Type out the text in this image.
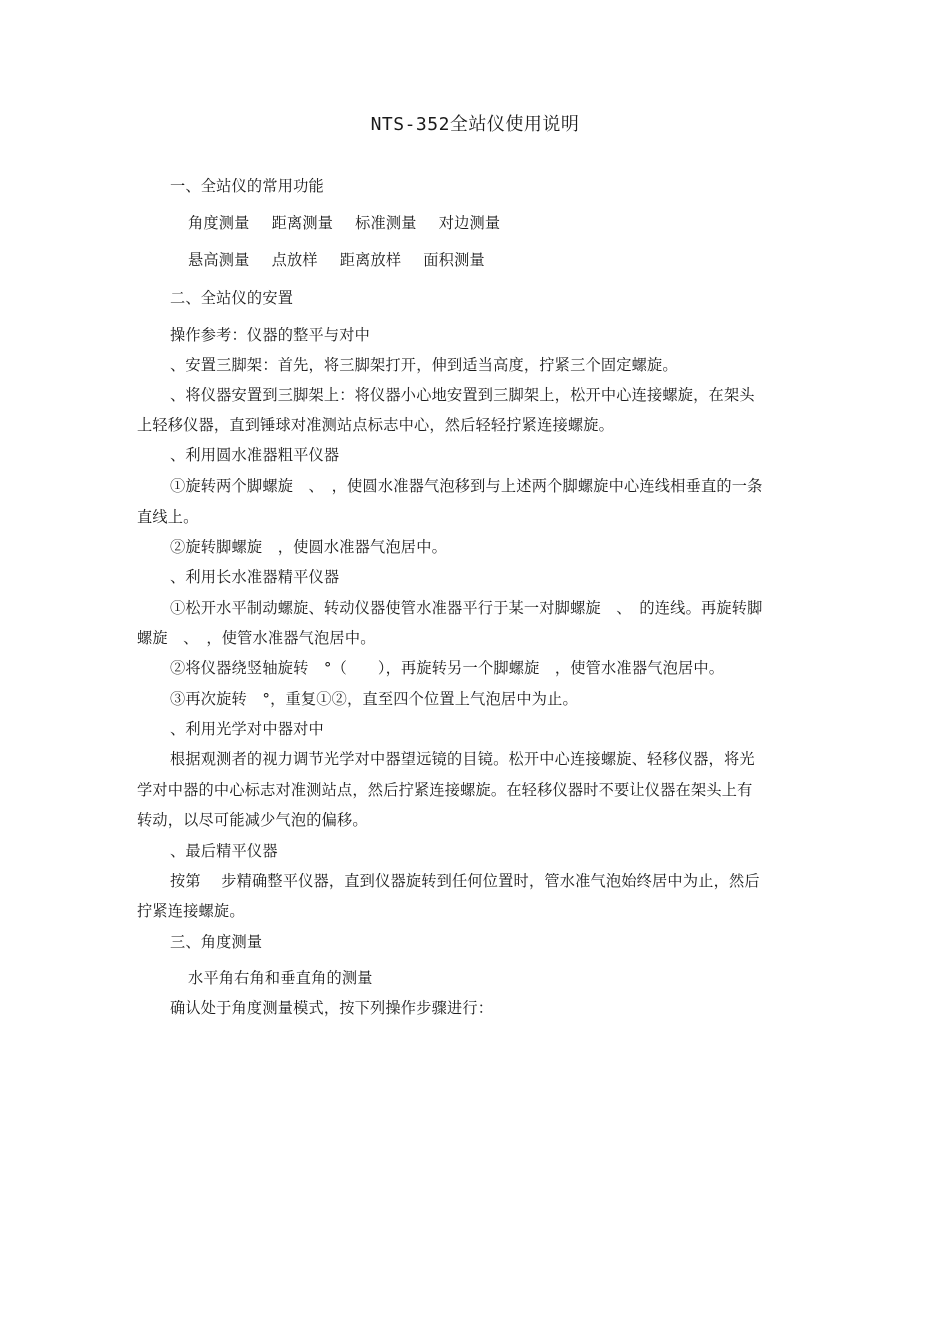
NTS-352全站仪使用说明
一、全站仪的常用功能
角度测量 距离测量 标准测量 对边测量
悬高测量 点放样 距离放样 面积测量
二、全站仪的安置
操作参考：仪器的整平与对中
、安置三脚架：首先，将三脚架打开，伸到适当高度，拧紧三个固定螺旋。
、将仪器安置到三脚架上：将仪器小心地安置到三脚架上，松开中心连接螺旋，在架头
上轻移仪器，直到锤球对准测站点标志中心，然后轻轻拧紧连接螺旋。
、利用圆水准器粗平仪器
①旋转两个脚螺旋　、　，使圆水准器气泡移到与上述两个脚螺旋中心连线相垂直的一条
直线上。
②旋转脚螺旋　，使圆水准器气泡居中。
、利用长水准器精平仪器
①松开水平制动螺旋、转动仪器使管水准器平行于某一对脚螺旋　、　的连线。再旋转脚
螺旋　、　，使管水准器气泡居中。
②将仪器绕竖轴旋转　°（　　），再旋转另一个脚螺旋　，使管水准器气泡居中。
③再次旋转　°，重复①②，直至四个位置上气泡居中为止。
、利用光学对中器对中
根据观测者的视力调节光学对中器望远镜的目镜。松开中心连接螺旋、轻移仪器，将光
学对中器的中心标志对准测站点，然后拧紧连接螺旋。在轻移仪器时不要让仪器在架头上有
转动，以尽可能减少气泡的偏移。
、最后精平仪器
按第　 步精确整平仪器，直到仪器旋转到任何位置时，管水准气泡始终居中为止，然后
拧紧连接螺旋。
三、角度测量
水平角右角和垂直角的测量
确认处于角度测量模式，按下列操作步骤进行：
